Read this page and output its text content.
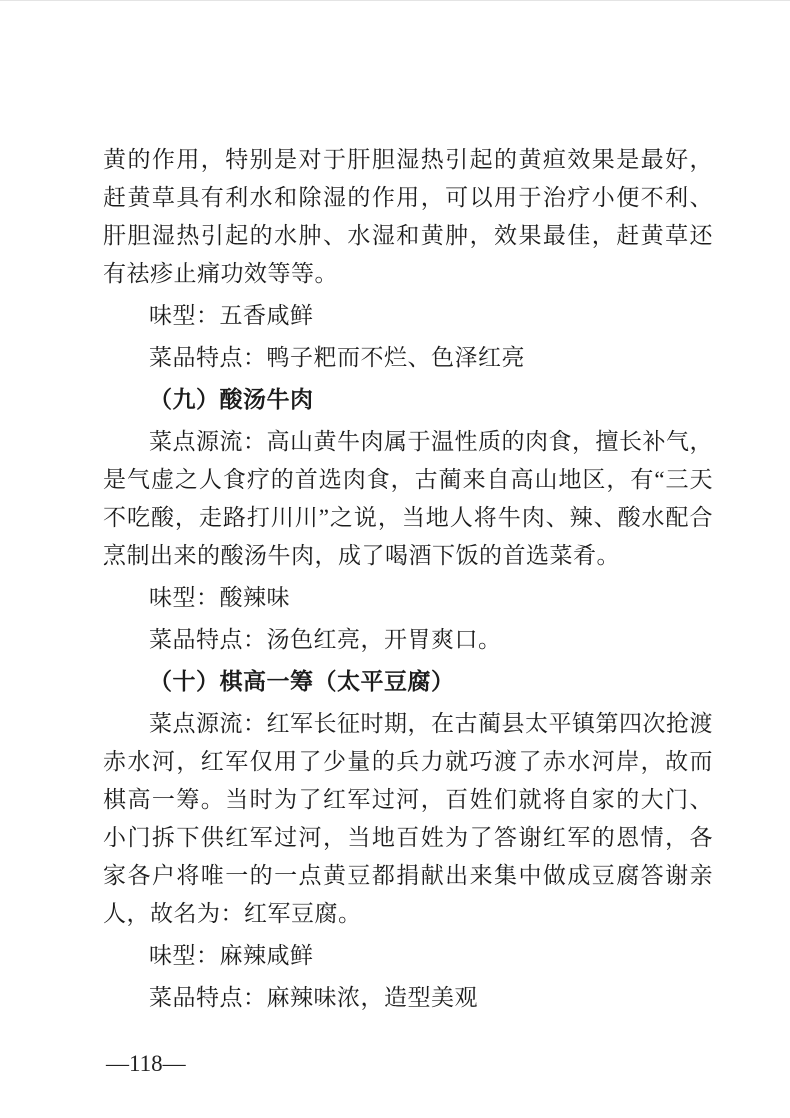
黄的作用，特别是对于肝胆湿热引起的黄疸效果是最好，赶黄草具有利水和除湿的作用，可以用于治疗小便不利、肝胆湿热引起的水肿、水湿和黄肿，效果最佳，赶黄草还有祛疹止痛功效等等。

味型：五香咸鲜

菜品特点：鸭子粑而不烂、色泽红亮

（九）酸汤牛肉

菜点源流：高山黄牛肉属于温性质的肉食，擅长补气，是气虚之人食疗的首选肉食，古蔺来自高山地区，有“三天不吃酸，走路打川川”之说，当地人将牛肉、辣、酸水配合烹制出来的酸汤牛肉，成了喝酒下饭的首选菜肴。

味型：酸辣味

菜品特点：汤色红亮，开胃爽口。

（十）棋高一筹（太平豆腐）

菜点源流：红军长征时期，在古蔺县太平镇第四次抢渡赤水河，红军仅用了少量的兵力就巧渡了赤水河岸，故而棋高一筹。当时为了红军过河，百姓们就将自家的大门、小门拆下供红军过河，当地百姓为了答谢红军的恩情，各家各户将唯一的一点黄豆都捐献出来集中做成豆腐答谢亲人，故名为：红军豆腐。

味型：麻辣咸鲜

菜品特点：麻辣味浓，造型美观

—118—
